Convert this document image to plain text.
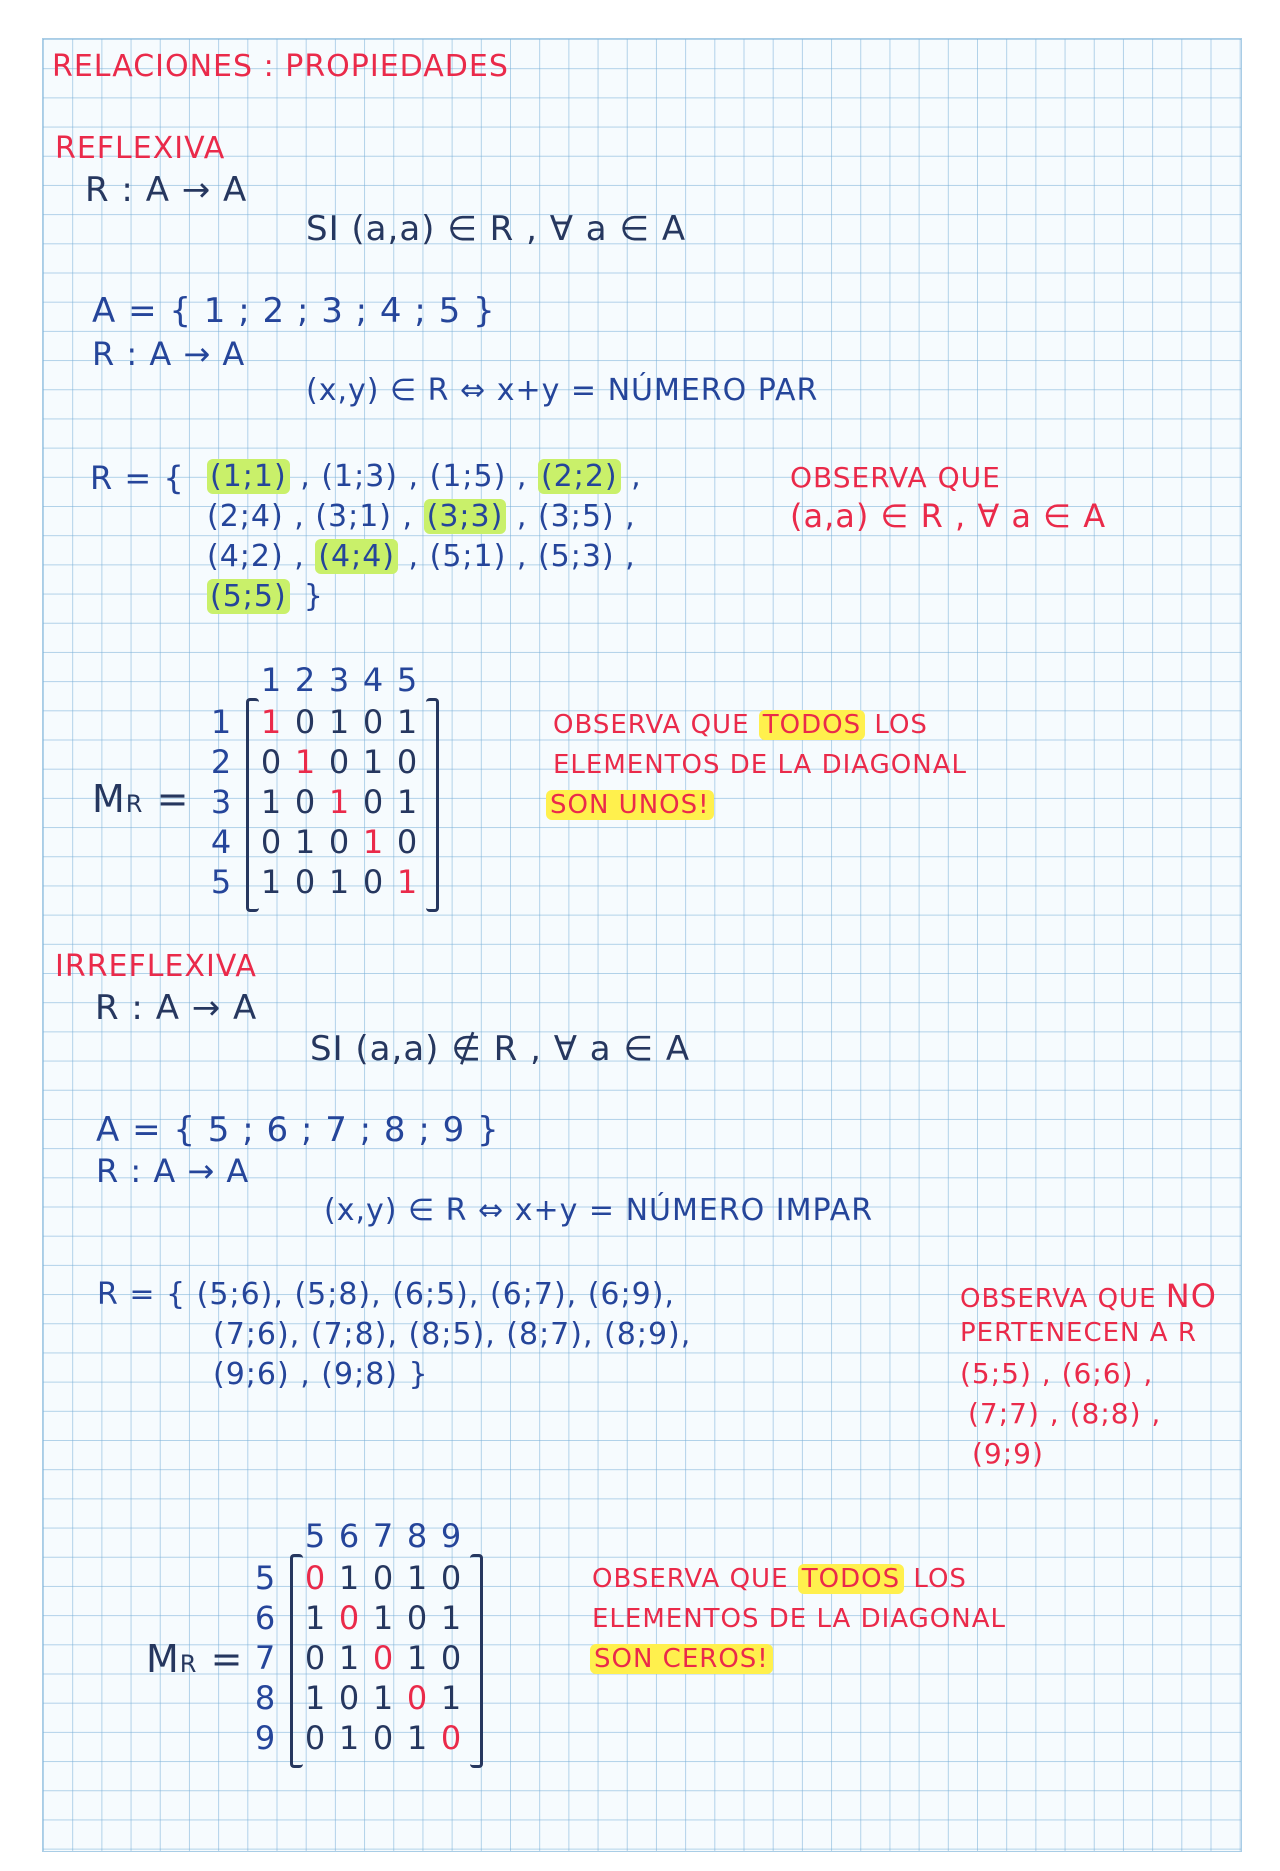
RELACIONES : PROPIEDADES
REFLEXIVA
R : A → A
SI (a,a) ∈ R , ∀ a ∈ A
A = { 1 ; 2 ; 3 ; 4 ; 5 }
R : A → A
(x,y) ∈ R ⇔ x+y = NÚMERO PAR
R = { (1;1) , (1;3) , (1;5) , (2;2) ,
(2;4) , (3;1) , (3;3) , (3;5) ,
(4;2) , (4;4) , (5;1) , (5;3) ,
(5;5) }
OBSERVA QUE
(a,a) ∈ R , ∀ a ∈ A
MR =
1 2 3 4 5
1 1 0 1 0 1
2 0 1 0 1 0
3 1 0 1 0 1
4 0 1 0 1 0
5 1 0 1 0 1
OBSERVA QUE TODOS LOS
ELEMENTOS DE LA DIAGONAL
SON UNOS!
IRREFLEXIVA
R : A → A
SI (a,a) ∉ R , ∀ a ∈ A
A = { 5 ; 6 ; 7 ; 8 ; 9 }
R : A → A
(x,y) ∈ R ⇔ x+y = NÚMERO IMPAR
R = { (5;6), (5;8), (6;5), (6;7), (6;9),
(7;6), (7;8), (8;5), (8;7), (8;9),
(9;6) , (9;8) }
OBSERVA QUE NO
PERTENECEN A R
(5;5) , (6;6) ,
(7;7) , (8;8) ,
(9;9)
MR =
5 6 7 8 9
5 0 1 0 1 0
6 1 0 1 0 1
7 0 1 0 1 0
8 1 0 1 0 1
9 0 1 0 1 0
OBSERVA QUE TODOS LOS
ELEMENTOS DE LA DIAGONAL
SON CEROS!
